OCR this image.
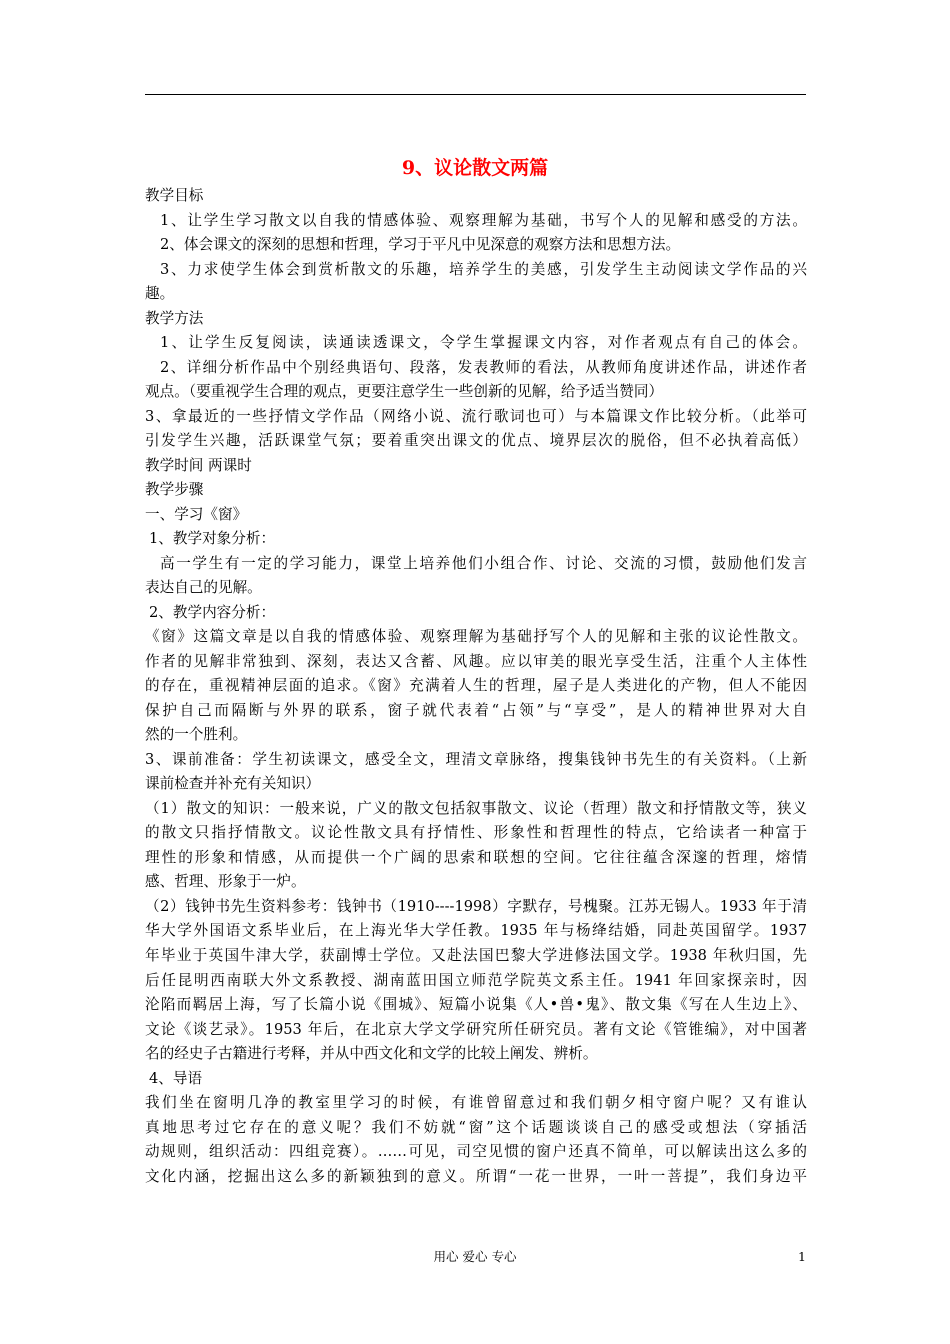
9、议论散文两篇
教学目标
1、让学生学习散文以自我的情感体验、观察理解为基础，书写个人的见解和感受的方法。
2、体会课文的深刻的思想和哲理，学习于平凡中见深意的观察方法和思想方法。
3、力求使学生体会到赏析散文的乐趣，培养学生的美感，引发学生主动阅读文学作品的兴
趣。
教学方法
1、让学生反复阅读，读通读透课文，令学生掌握课文内容，对作者观点有自己的体会。
2、详细分析作品中个别经典语句、段落，发表教师的看法，从教师角度讲述作品，讲述作者
观点。（要重视学生合理的观点，更要注意学生一些创新的见解，给予适当赞同）
3、拿最近的一些抒情文学作品（网络小说、流行歌词也可）与本篇课文作比较分析。（此举可
引发学生兴趣，活跃课堂气氛；要着重突出课文的优点、境界层次的脱俗，但不必执着高低）
教学时间 两课时
教学步骤
一、学习《窗》
1、教学对象分析：
高一学生有一定的学习能力，课堂上培养他们小组合作、讨论、交流的习惯，鼓励他们发言
表达自己的见解。
2、教学内容分析：
《窗》这篇文章是以自我的情感体验、观察理解为基础抒写个人的见解和主张的议论性散文。
作者的见解非常独到、深刻，表达又含蓄、风趣。应以审美的眼光享受生活，注重个人主体性
的存在，重视精神层面的追求。《窗》充满着人生的哲理，屋子是人类进化的产物，但人不能因
保护自己而隔断与外界的联系，窗子就代表着“占领”与“享受”，是人的精神世界对大自
然的一个胜利。
3、课前准备：学生初读课文，感受全文，理清文章脉络，搜集钱钟书先生的有关资料。（上新
课前检查并补充有关知识）
（1）散文的知识：一般来说，广义的散文包括叙事散文、议论（哲理）散文和抒情散文等，狭义
的散文只指抒情散文。议论性散文具有抒情性、形象性和哲理性的特点，它给读者一种富于
理性的形象和情感，从而提供一个广阔的思索和联想的空间。它往往蕴含深邃的哲理，熔情
感、哲理、形象于一炉。
（2）钱钟书先生资料参考：钱钟书（1910----1998）字默存，号槐聚。江苏无锡人。1933 年于清
华大学外国语文系毕业后，在上海光华大学任教。1935 年与杨绛结婚，同赴英国留学。1937
年毕业于英国牛津大学，获副博士学位。又赴法国巴黎大学进修法国文学。1938 年秋归国，先
后任昆明西南联大外文系教授、湖南蓝田国立师范学院英文系主任。1941 年回家探亲时，因
沦陷而羁居上海，写了长篇小说《围城》、短篇小说集《人•兽•鬼》、散文集《写在人生边上》、
文论《谈艺录》。1953 年后，在北京大学文学研究所任研究员。著有文论《管锥编》，对中国著
名的经史子古籍进行考释，并从中西文化和文学的比较上阐发、辨析。
4、导语
我们坐在窗明几净的教室里学习的时候，有谁曾留意过和我们朝夕相守窗户呢？又有谁认
真地思考过它存在的意义呢？我们不妨就“窗”这个话题谈谈自己的感受或想法（穿插活
动规则，组织活动：四组竞赛）。……可见，司空见惯的窗户还真不简单，可以解读出这么多的
文化内涵，挖掘出这么多的新颖独到的意义。所谓“一花一世界，一叶一菩提”，我们身边平
用心 爱心 专心	1
